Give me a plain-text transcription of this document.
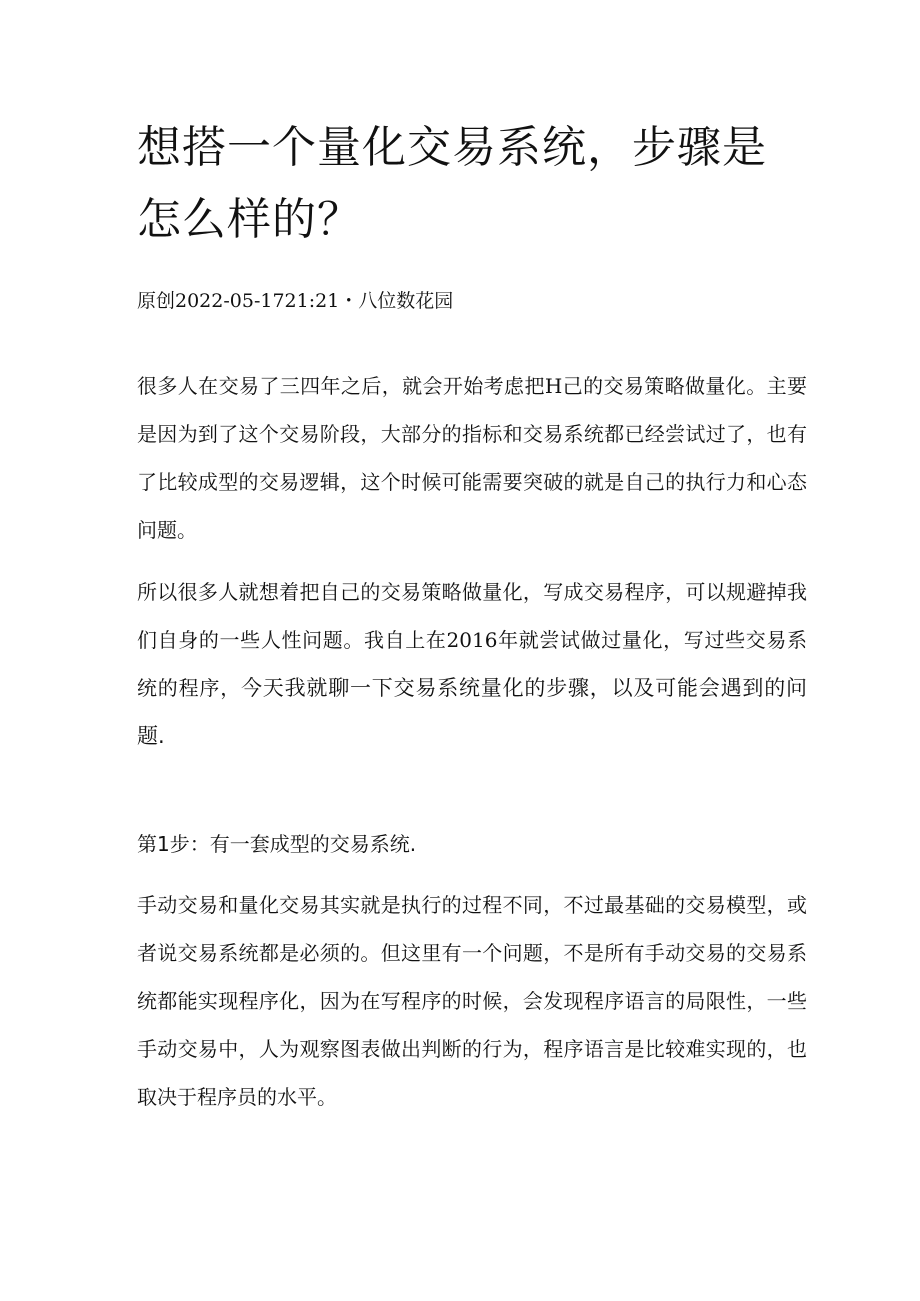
想搭一个量化交易系统，步骤是怎么样的？
原创2022-05-1721:21・八位数花园

很多人在交易了三四年之后，就会开始考虑把H己的交易策略做量化。主要是因为到了这个交易阶段，大部分的指标和交易系统都已经尝试过了，也有了比较成型的交易逻辑，这个时候可能需要突破的就是自己的执行力和心态问题。

所以很多人就想着把自己的交易策略做量化，写成交易程序，可以规避掉我们自身的一些人性问题。我自上在2016年就尝试做过量化，写过些交易系统的程序，今天我就聊一下交易系统量化的步骤，以及可能会遇到的问题.

第1步：有一套成型的交易系统.

手动交易和量化交易其实就是执行的过程不同，不过最基础的交易模型，或者说交易系统都是必须的。但这里有一个问题，不是所有手动交易的交易系统都能实现程序化，因为在写程序的时候，会发现程序语言的局限性，一些手动交易中，人为观察图表做出判断的行为，程序语言是比较难实现的，也取决于程序员的水平。
